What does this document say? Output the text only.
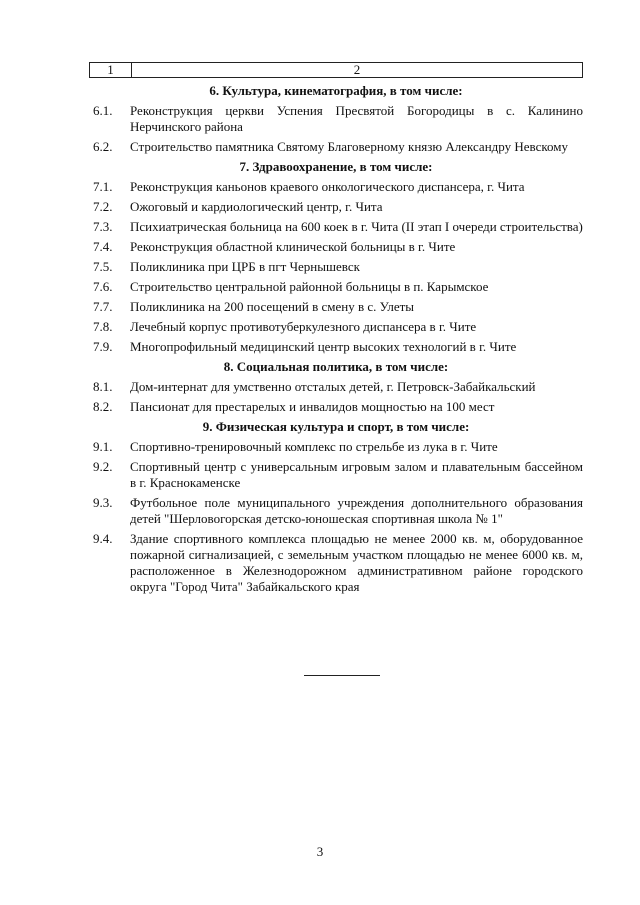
1	2
6. Культура, кинематография, в том числе:
6.1.	Реконструкция церкви Успения Пресвятой Богородицы в с. Калинино Нерчинского района
6.2.	Строительство памятника Святому Благоверному князю Александру Невскому
7. Здравоохранение, в том числе:
7.1.	Реконструкция каньонов краевого онкологического диспансера, г. Чита
7.2.	Ожоговый и кардиологический центр, г. Чита
7.3.	Психиатрическая больница на 600 коек в г. Чита (II этап I очереди строительства)
7.4.	Реконструкция областной клинической больницы в г. Чите
7.5.	Поликлиника при ЦРБ в пгт Чернышевск
7.6.	Строительство центральной районной больницы в п. Карымское
7.7.	Поликлиника на 200 посещений в смену в с. Улеты
7.8.	Лечебный корпус противотуберкулезного диспансера в г. Чите
7.9.	Многопрофильный медицинский центр высоких технологий в г. Чите
8. Социальная политика, в том числе:
8.1.	Дом-интернат для умственно отсталых детей, г. Петровск-Забайкальский
8.2.	Пансионат для престарелых и инвалидов мощностью на 100 мест
9. Физическая культура и спорт, в том числе:
9.1.	Спортивно-тренировочный комплекс по стрельбе из лука в г. Чите
9.2.	Спортивный центр с универсальным игровым залом и плавательным бассейном в г. Краснокаменске
9.3.	Футбольное поле муниципального учреждения дополнительного образования детей "Шерловогорская детско-юношеская спортивная школа № 1"
9.4.	Здание спортивного комплекса площадью не менее 2000 кв. м, оборудованное пожарной сигнализацией, с земельным участком площадью не менее 6000 кв. м, расположенное в Железнодорожном административном районе городского округа "Город Чита" Забайкальского края
3
